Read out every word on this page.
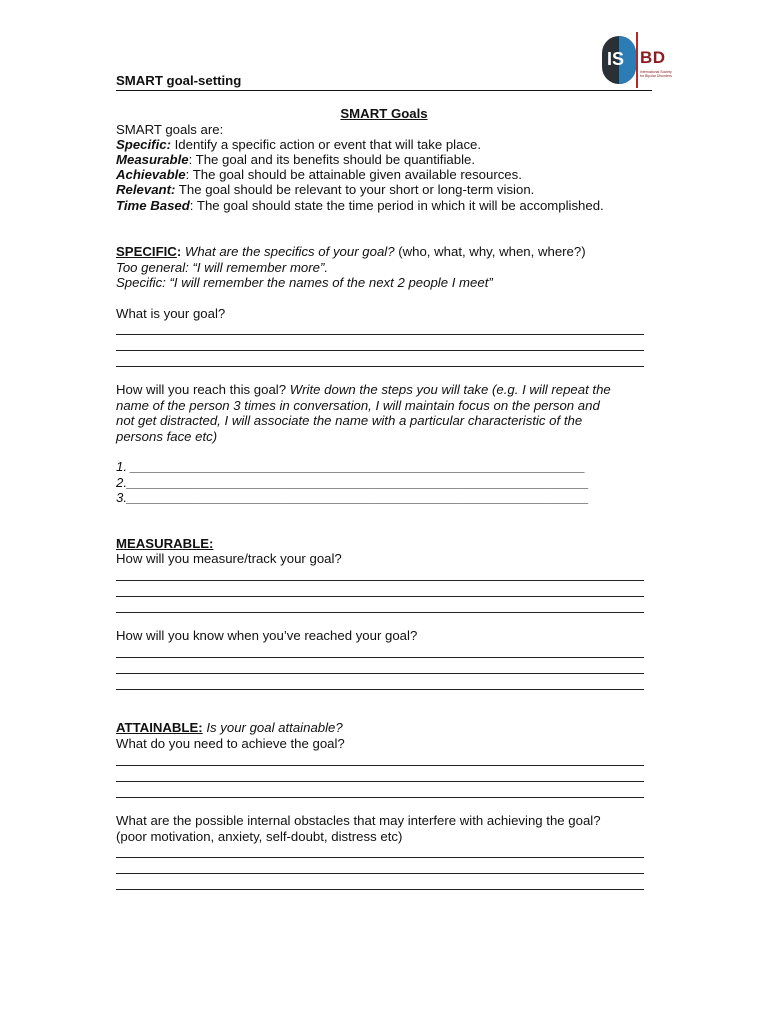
IS BD
International Society for Bipolar Disorders
SMART goal-setting
SMART Goals
SMART goals are:
Specific: Identify a specific action or event that will take place.
Measurable: The goal and its benefits should be quantifiable.
Achievable: The goal should be attainable given available resources.
Relevant: The goal should be relevant to your short or long-term vision.
Time Based: The goal should state the time period in which it will be accomplished.
SPECIFIC: What are the specifics of your goal? (who, what, why, when, where?)
Too general: “I will remember more”.
Specific: “I will remember the names of the next 2 people I meet”
What is your goal?
How will you reach this goal? Write down the steps you will take (e.g. I will repeat the
name of the person 3 times in conversation, I will maintain focus on the person and
not get distracted, I will associate the name with a particular characteristic of the
persons face etc)
1. ______________________________________________________________
2._______________________________________________________________
3._______________________________________________________________
MEASURABLE:
How will you measure/track your goal?
How will you know when you’ve reached your goal?
ATTAINABLE: Is your goal attainable?
What do you need to achieve the goal?
What are the possible internal obstacles that may interfere with achieving the goal?
(poor motivation, anxiety, self-doubt, distress etc)
